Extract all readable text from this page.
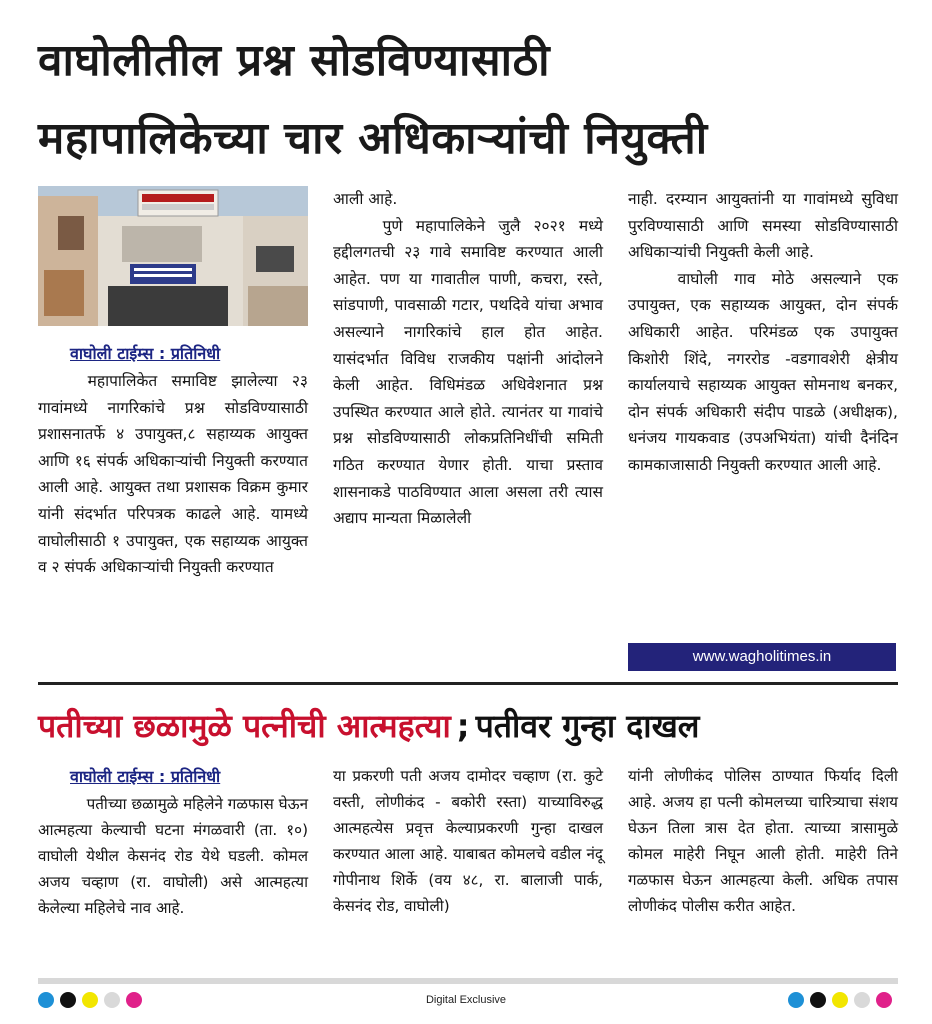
वाघोलीतील प्रश्न सोडविण्यासाठी
महापालिकेच्या चार अधिकाऱ्यांची नियुक्ती
वाघोली टाईम्स : प्रतिनिधी

महापालिकेत समाविष्ट झालेल्या २३ गावांमध्ये नागरिकांचे प्रश्न सोडविण्यासाठी प्रशासनातर्फे ४ उपायुक्त,८ सहाय्यक आयुक्त आणि १६ संपर्क अधिकाऱ्यांची नियुक्ती करण्यात आली आहे. आयुक्त तथा प्रशासक विक्रम कुमार यांनी संदर्भात परिपत्रक काढले आहे. यामध्ये वाघोलीसाठी १ उपायुक्त, एक सहाय्यक आयुक्त व २ संपर्क अधिकाऱ्यांची नियुक्ती करण्यात

आली आहे.

पुणे महापालिकेने जुलै २०२१ मध्ये हद्दीलगतची २३ गावे समाविष्ट करण्यात आली आहेत. पण या गावातील पाणी, कचरा, रस्ते, सांडपाणी, पावसाळी गटार, पथदिवे यांचा अभाव असल्याने नागरिकांचे हाल होत आहेत. यासंदर्भात विविध राजकीय पक्षांनी आंदोलने केली आहेत. विधिमंडळ अधिवेशनात प्रश्न उपस्थित करण्यात आले होते. त्यानंतर या गावांचे प्रश्न सोडविण्यासाठी लोकप्रतिनिधींची समिती गठित करण्यात येणार होती. याचा प्रस्ताव शासनाकडे पाठविण्यात आला असला तरी त्यास अद्याप मान्यता मिळालेली

नाही. दरम्यान आयुक्तांनी या गावांमध्ये सुविधा पुरविण्यासाठी आणि समस्या सोडविण्यासाठी अधिकाऱ्यांची नियुक्ती केली आहे.

वाघोली गाव मोठे असल्याने एक उपायुक्त, एक सहाय्यक आयुक्त, दोन संपर्क अधिकारी आहेत. परिमंडळ एक उपायुक्त किशोरी शिंदे, नगररोड -वडगावशेरी क्षेत्रीय कार्यालयाचे सहाय्यक आयुक्त सोमनाथ बनकर, दोन संपर्क अधिकारी संदीप पाडळे (अधीक्षक), धनंजय गायकवाड (उपअभियंता) यांची दैनंदिन कामकाजासाठी नियुक्ती करण्यात आली आहे.

www.wagholitimes.in
पतीच्या छळामुळे पत्नीची आत्महत्या ; पतीवर गुन्हा दाखल
वाघोली टाईम्स : प्रतिनिधी

पतीच्या छळामुळे महिलेने गळफास घेऊन आत्महत्या केल्याची घटना मंगळवारी (ता. १०) वाघोली येथील केसनंद रोड येथे घडली. कोमल अजय चव्हाण (रा. वाघोली) असे आत्महत्या केलेल्या महिलेचे नाव आहे.

या प्रकरणी पती अजय दामोदर चव्हाण (रा. कुटे वस्ती, लोणीकंद - बकोरी रस्ता) याच्याविरुद्ध आत्महत्येस प्रवृत्त केल्याप्रकरणी गुन्हा दाखल करण्यात आला आहे. याबाबत कोमलचे वडील नंदू गोपीनाथ शिर्के (वय ४८, रा. बालाजी पार्क, केसनंद रोड, वाघोली)

यांनी लोणीकंद पोलिस ठाण्यात फिर्याद दिली आहे. अजय हा पत्नी कोमलच्या चारित्र्याचा संशय घेऊन तिला त्रास देत होता. त्याच्या त्रासामुळे कोमल माहेरी निघून आली होती. माहेरी तिने गळफास घेऊन आत्महत्या केली. अधिक तपास लोणीकंद पोलीस करीत आहेत.

Digital Exclusive
